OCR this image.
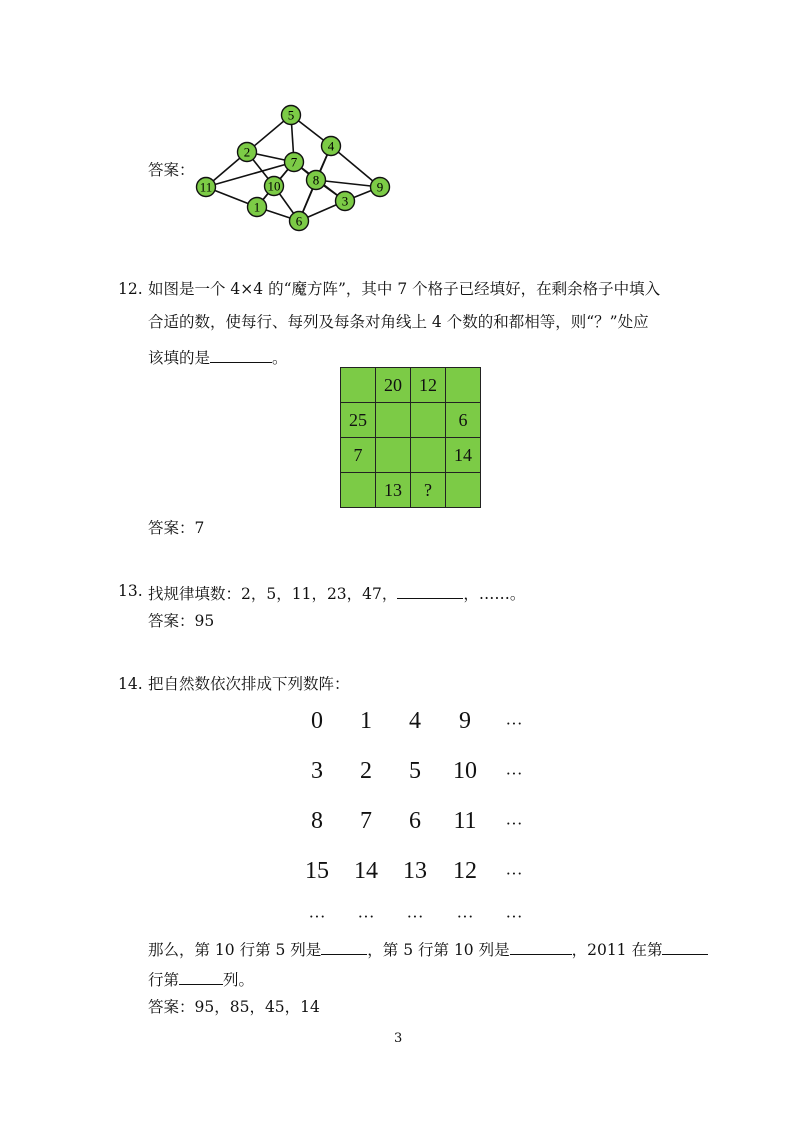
答案：
5
4
2
7
8
11	10	9
3
1
6
12. 如图是一个 4×4 的“魔方阵”，其中 7 个格子已经填好，在剩余格子中填入
合适的数，使每行、每列及每条对角线上 4 个数的和都相等，则“？”处应
该填的是	。
	20	12	
25			6
7			14
	13	?	
答案：7
13. 找规律填数：2，5，11，23，47，	，……。
答案：95
14. 把自然数依次排成下列数阵：
0	1	4	9	···
3	2	5	10	···
8	7	6	11	···
15	14	13	12	···
···	···	···	···	···
那么，第 10 行第 5 列是	，第 5 行第 10 列是	，2011 在第
行第	列。
答案：95，85，45，14
3
